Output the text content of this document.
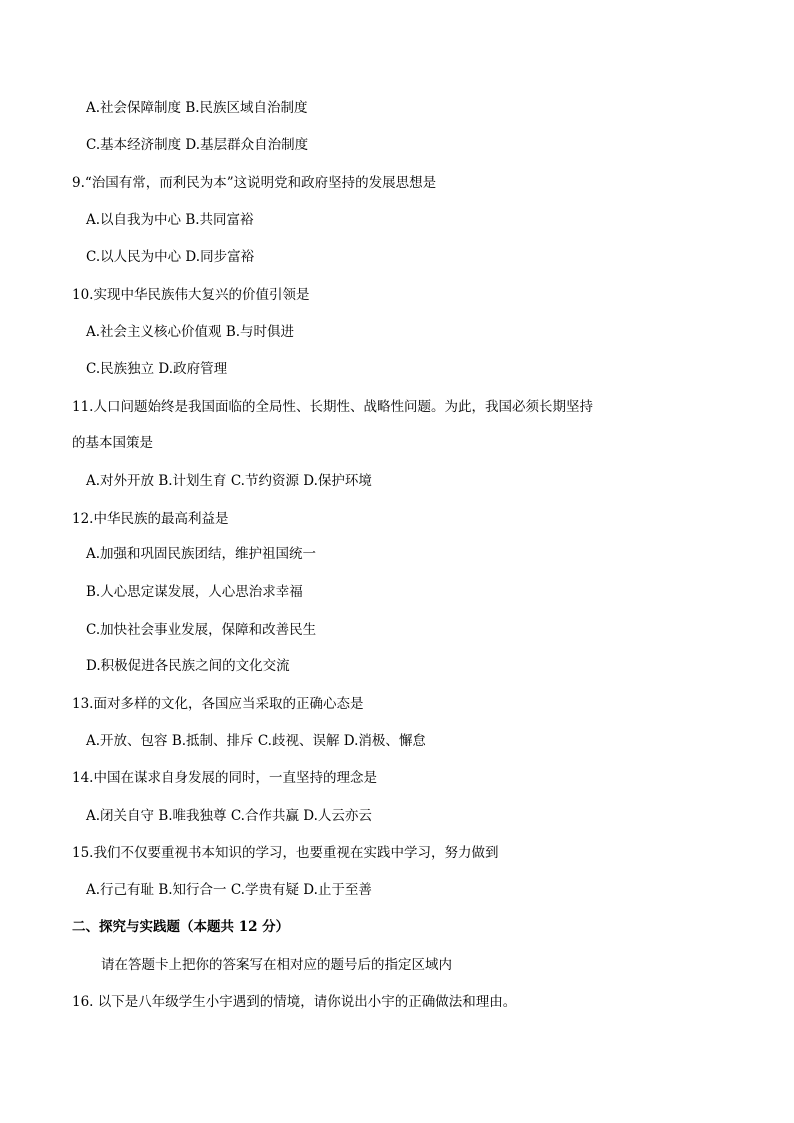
A.社会保障制度 B.民族区域自治制度
C.基本经济制度 D.基层群众自治制度
9.“治国有常，而利民为本”这说明党和政府坚持的发展思想是
A.以自我为中心 B.共同富裕
C.以人民为中心 D.同步富裕
10.实现中华民族伟大复兴的价值引领是
A.社会主义核心价值观 B.与时俱进
C.民族独立 D.政府管理
11.人口问题始终是我国面临的全局性、长期性、战略性问题。为此，我国必须长期坚持
的基本国策是
A.对外开放 B.计划生育 C.节约资源 D.保护环境
12.中华民族的最高利益是
A.加强和巩固民族团结，维护祖国统一
B.人心思定谋发展，人心思治求幸福
C.加快社会事业发展，保障和改善民生
D.积极促进各民族之间的文化交流
13.面对多样的文化，各国应当采取的正确心态是
A.开放、包容 B.抵制、排斥 C.歧视、误解 D.消极、懈怠
14.中国在谋求自身发展的同时，一直坚持的理念是
A.闭关自守 B.唯我独尊 C.合作共赢 D.人云亦云
15.我们不仅要重视书本知识的学习，也要重视在实践中学习，努力做到
A.行己有耻 B.知行合一 C.学贵有疑 D.止于至善
二、探究与实践题（本题共 12 分）
请在答题卡上把你的答案写在相对应的题号后的指定区域内
16. 以下是八年级学生小宇遇到的情境，请你说出小宇的正确做法和理由。
